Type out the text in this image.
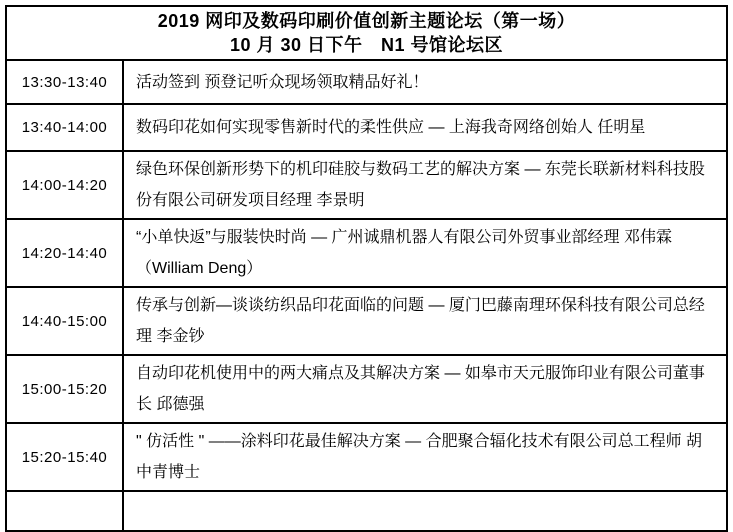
2019 网印及数码印刷价值创新主题论坛（第一场）
10 月 30 日下午　N1 号馆论坛区	

13:30-13:40	活动签到 预登记听众现场领取精品好礼！
13:40-14:00	数码印花如何实现零售新时代的柔性供应 — 上海我奇网络创始人 任明星
14:00-14:20	绿色环保创新形势下的机印硅胶与数码工艺的解决方案 — 东莞长联新材料科技股份有限公司研发项目经理 李景明
14:20-14:40	“小单快返”与服装快时尚 — 广州诚鼎机器人有限公司外贸事业部经理 邓伟霖（William Deng）
14:40-15:00	传承与创新—谈谈纺织品印花面临的问题 — 厦门巴藤南理环保科技有限公司总经理 李金钞
15:00-15:20	自动印花机使用中的两大痛点及其解决方案 — 如皋市天元服饰印业有限公司董事长 邱德强
15:20-15:40	" 仿活性 " ——涂料印花最佳解决方案 — 合肥聚合辐化技术有限公司总工程师 胡中青博士
